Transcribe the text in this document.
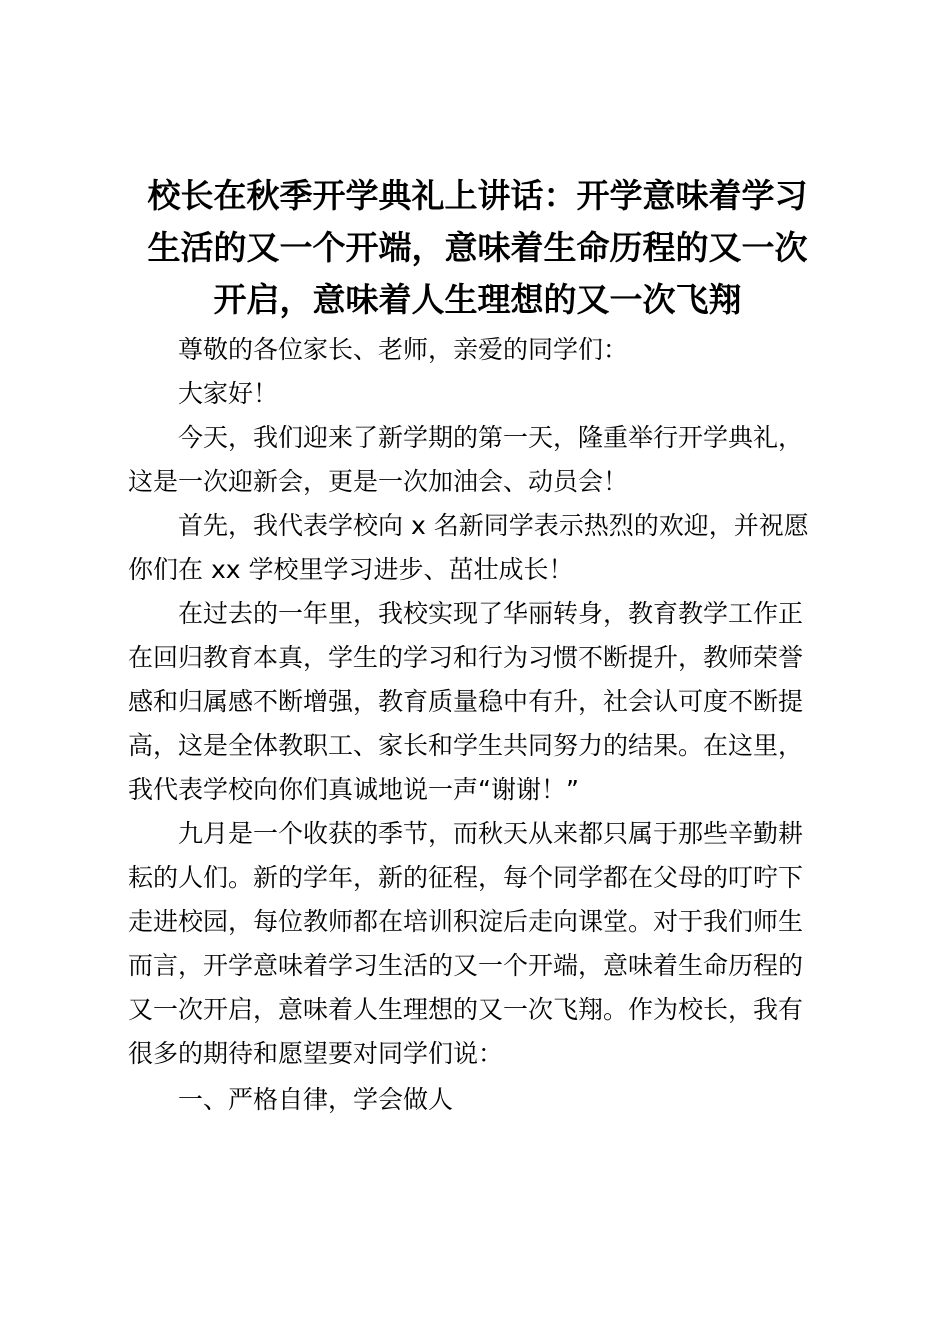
校长在秋季开学典礼上讲话：开学意味着学习
生活的又一个开端，意味着生命历程的又一次
开启，意味着人生理想的又一次飞翔
尊敬的各位家长、老师，亲爱的同学们：
大家好！
今天，我们迎来了新学期的第一天，隆重举行开学典礼，
这是一次迎新会，更是一次加油会、动员会！
首先，我代表学校向 x 名新同学表示热烈的欢迎，并祝愿
你们在 xx 学校里学习进步、茁壮成长！
在过去的一年里，我校实现了华丽转身，教育教学工作正
在回归教育本真，学生的学习和行为习惯不断提升，教师荣誉
感和归属感不断增强，教育质量稳中有升，社会认可度不断提
高，这是全体教职工、家长和学生共同努力的结果。在这里，
我代表学校向你们真诚地说一声“谢谢！”
九月是一个收获的季节，而秋天从来都只属于那些辛勤耕
耘的人们。新的学年，新的征程，每个同学都在父母的叮咛下
走进校园，每位教师都在培训积淀后走向课堂。对于我们师生
而言，开学意味着学习生活的又一个开端，意味着生命历程的
又一次开启，意味着人生理想的又一次飞翔。作为校长，我有
很多的期待和愿望要对同学们说：
一、严格自律，学会做人
